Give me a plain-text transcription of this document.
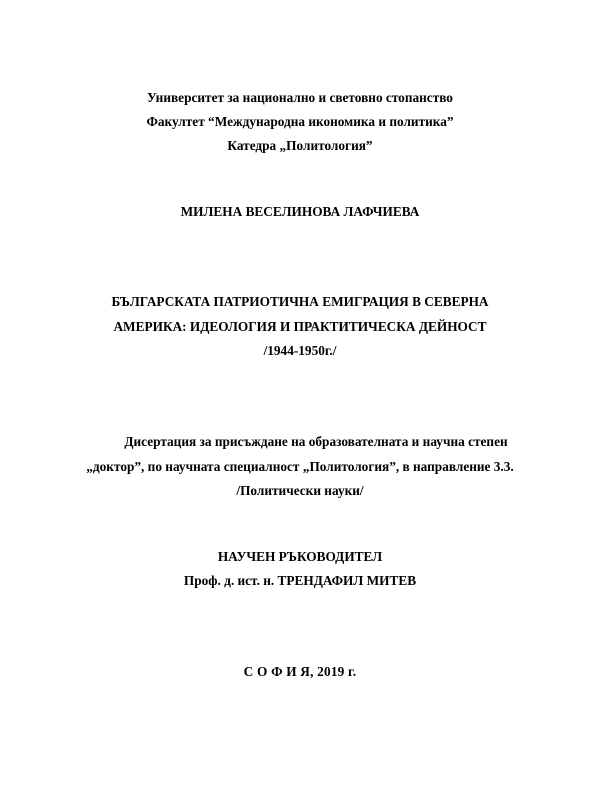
Университет за национално и световно стопанство
Факултет “Международна икономика и политика”
Катедра „Политология”
МИЛЕНА ВЕСЕЛИНОВА ЛАФЧИЕВА
БЪЛГАРСКАТА ПАТРИОТИЧНА ЕМИГРАЦИЯ В СЕВЕРНА
АМЕРИКА: ИДЕОЛОГИЯ И ПРАКТИТИЧЕСКА ДЕЙНОСТ
/1944-1950г./
Дисертация за присъждане на образователната и научна степен
„доктор”, по научната специалност „Политология”, в направление 3.3.
/Политически науки/
НАУЧЕН РЪКОВОДИТЕЛ
Проф. д. ист. н. ТРЕНДАФИЛ МИТЕВ
С О Ф И Я, 2019 г.
